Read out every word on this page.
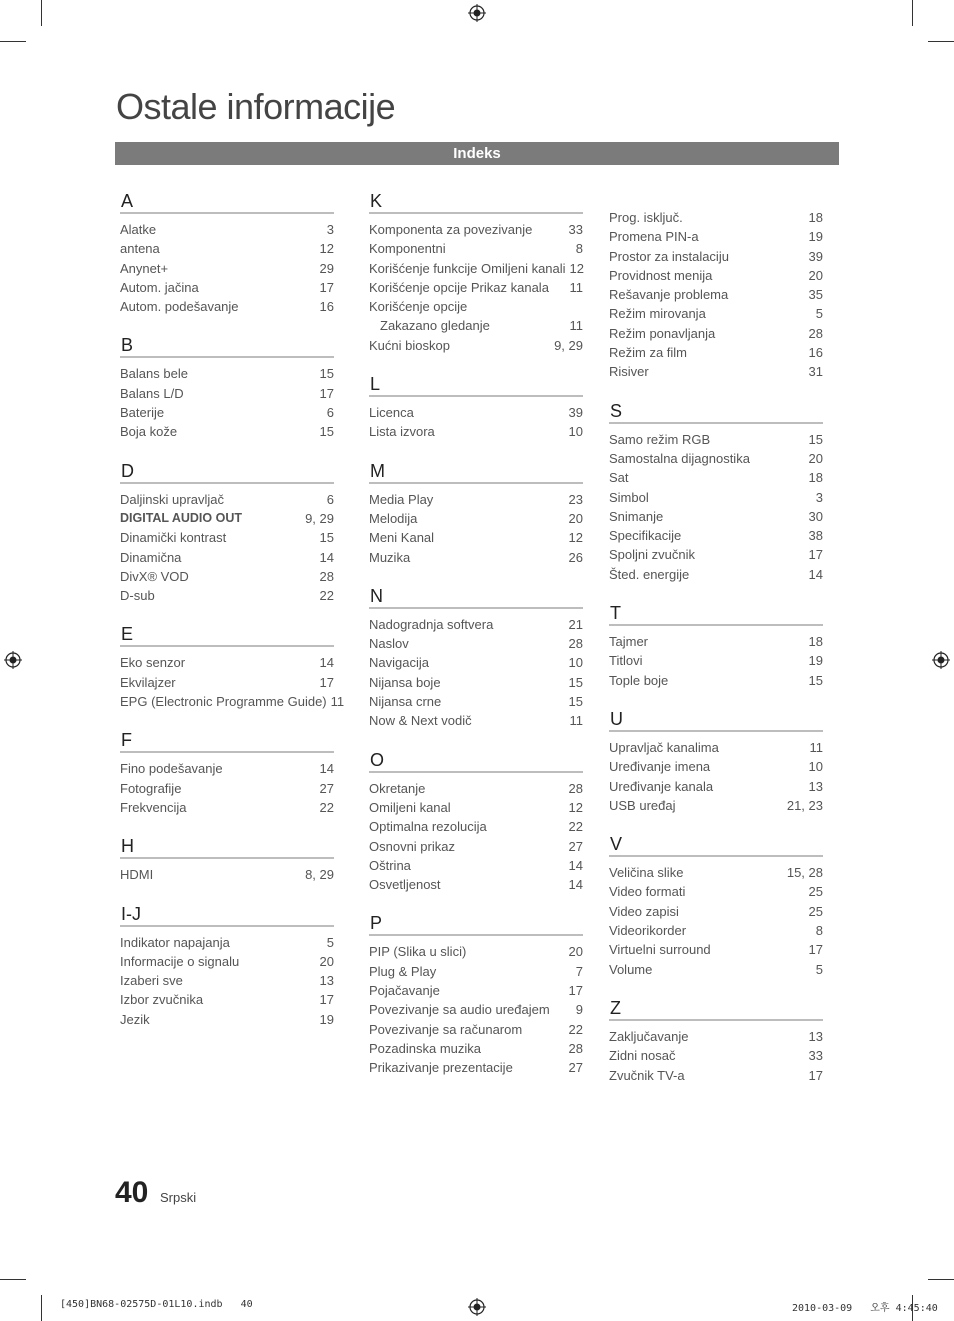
Ostale informacije
Indeks
A
Alatke	3
antena	12
Anynet+	29
Autom. jačina	17
Autom. podešavanje	16
B
Balans bele	15
Balans L/D	17
Baterije	6
Boja kože	15
D
Daljinski upravljač	6
DIGITAL AUDIO OUT	9, 29
Dinamički kontrast	15
Dinamična	14
DivX® VOD	28
D-sub	22
E
Eko senzor	14
Ekvilajzer	17
EPG (Electronic Programme Guide) 11
F
Fino podešavanje	14
Fotografije	27
Frekvencija	22
H
HDMI	8, 29
I-J
Indikator napajanja	5
Informacije o signalu	20
Izaberi sve	13
Izbor zvučnika	17
Jezik	19
K
Komponenta za povezivanje	33
Komponentni	8
Korišćenje funkcije Omiljeni kanali 12
Korišćenje opcije Prikaz kanala 11
Korišćenje opcije
Zakazano gledanje	11
Kućni bioskop	9, 29
L
Licenca	39
Lista izvora	10
M
Media Play	23
Melodija	20
Meni Kanal	12
Muzika	26
N
Nadogradnja softvera	21
Naslov	28
Navigacija	10
Nijansa boje	15
Nijansa crne	15
Now & Next vodič	11
O
Okretanje	28
Omiljeni kanal	12
Optimalna rezolucija	22
Osnovni prikaz	27
Oštrina	14
Osvetljenost	14
P
PIP (Slika u slici)	20
Plug & Play	7
Pojačavanje	17
Povezivanje sa audio uređajem 9
Povezivanje sa računarom	22
Pozadinska muzika	28
Prikazivanje prezentacije	27
Prog. isključ.	18
Promena PIN-a	19
Prostor za instalaciju	39
Providnost menija	20
Rešavanje problema	35
Režim mirovanja	5
Režim ponavljanja	28
Režim za film	16
Risiver	31
S
Samo režim RGB	15
Samostalna dijagnostika	20
Sat	18
Simbol	3
Snimanje	30
Specifikacije	38
Spoljni zvučnik	17
Šted. energije	14
T
Tajmer	18
Titlovi	19
Tople boje	15
U
Upravljač kanalima	11
Uređivanje imena	10
Uređivanje kanala	13
USB uređaj	21, 23
V
Veličina slike	15, 28
Video formati	25
Video zapisi	25
Videorikorder	8
Virtuelni surround	17
Volume	5
Z
Zaključavanje	13
Zidni nosač	33
Zvučnik TV-a	17
40 Srpski
[450]BN68-02575D-01L10.indb   40	2010-03-09   오후 4:45:40
